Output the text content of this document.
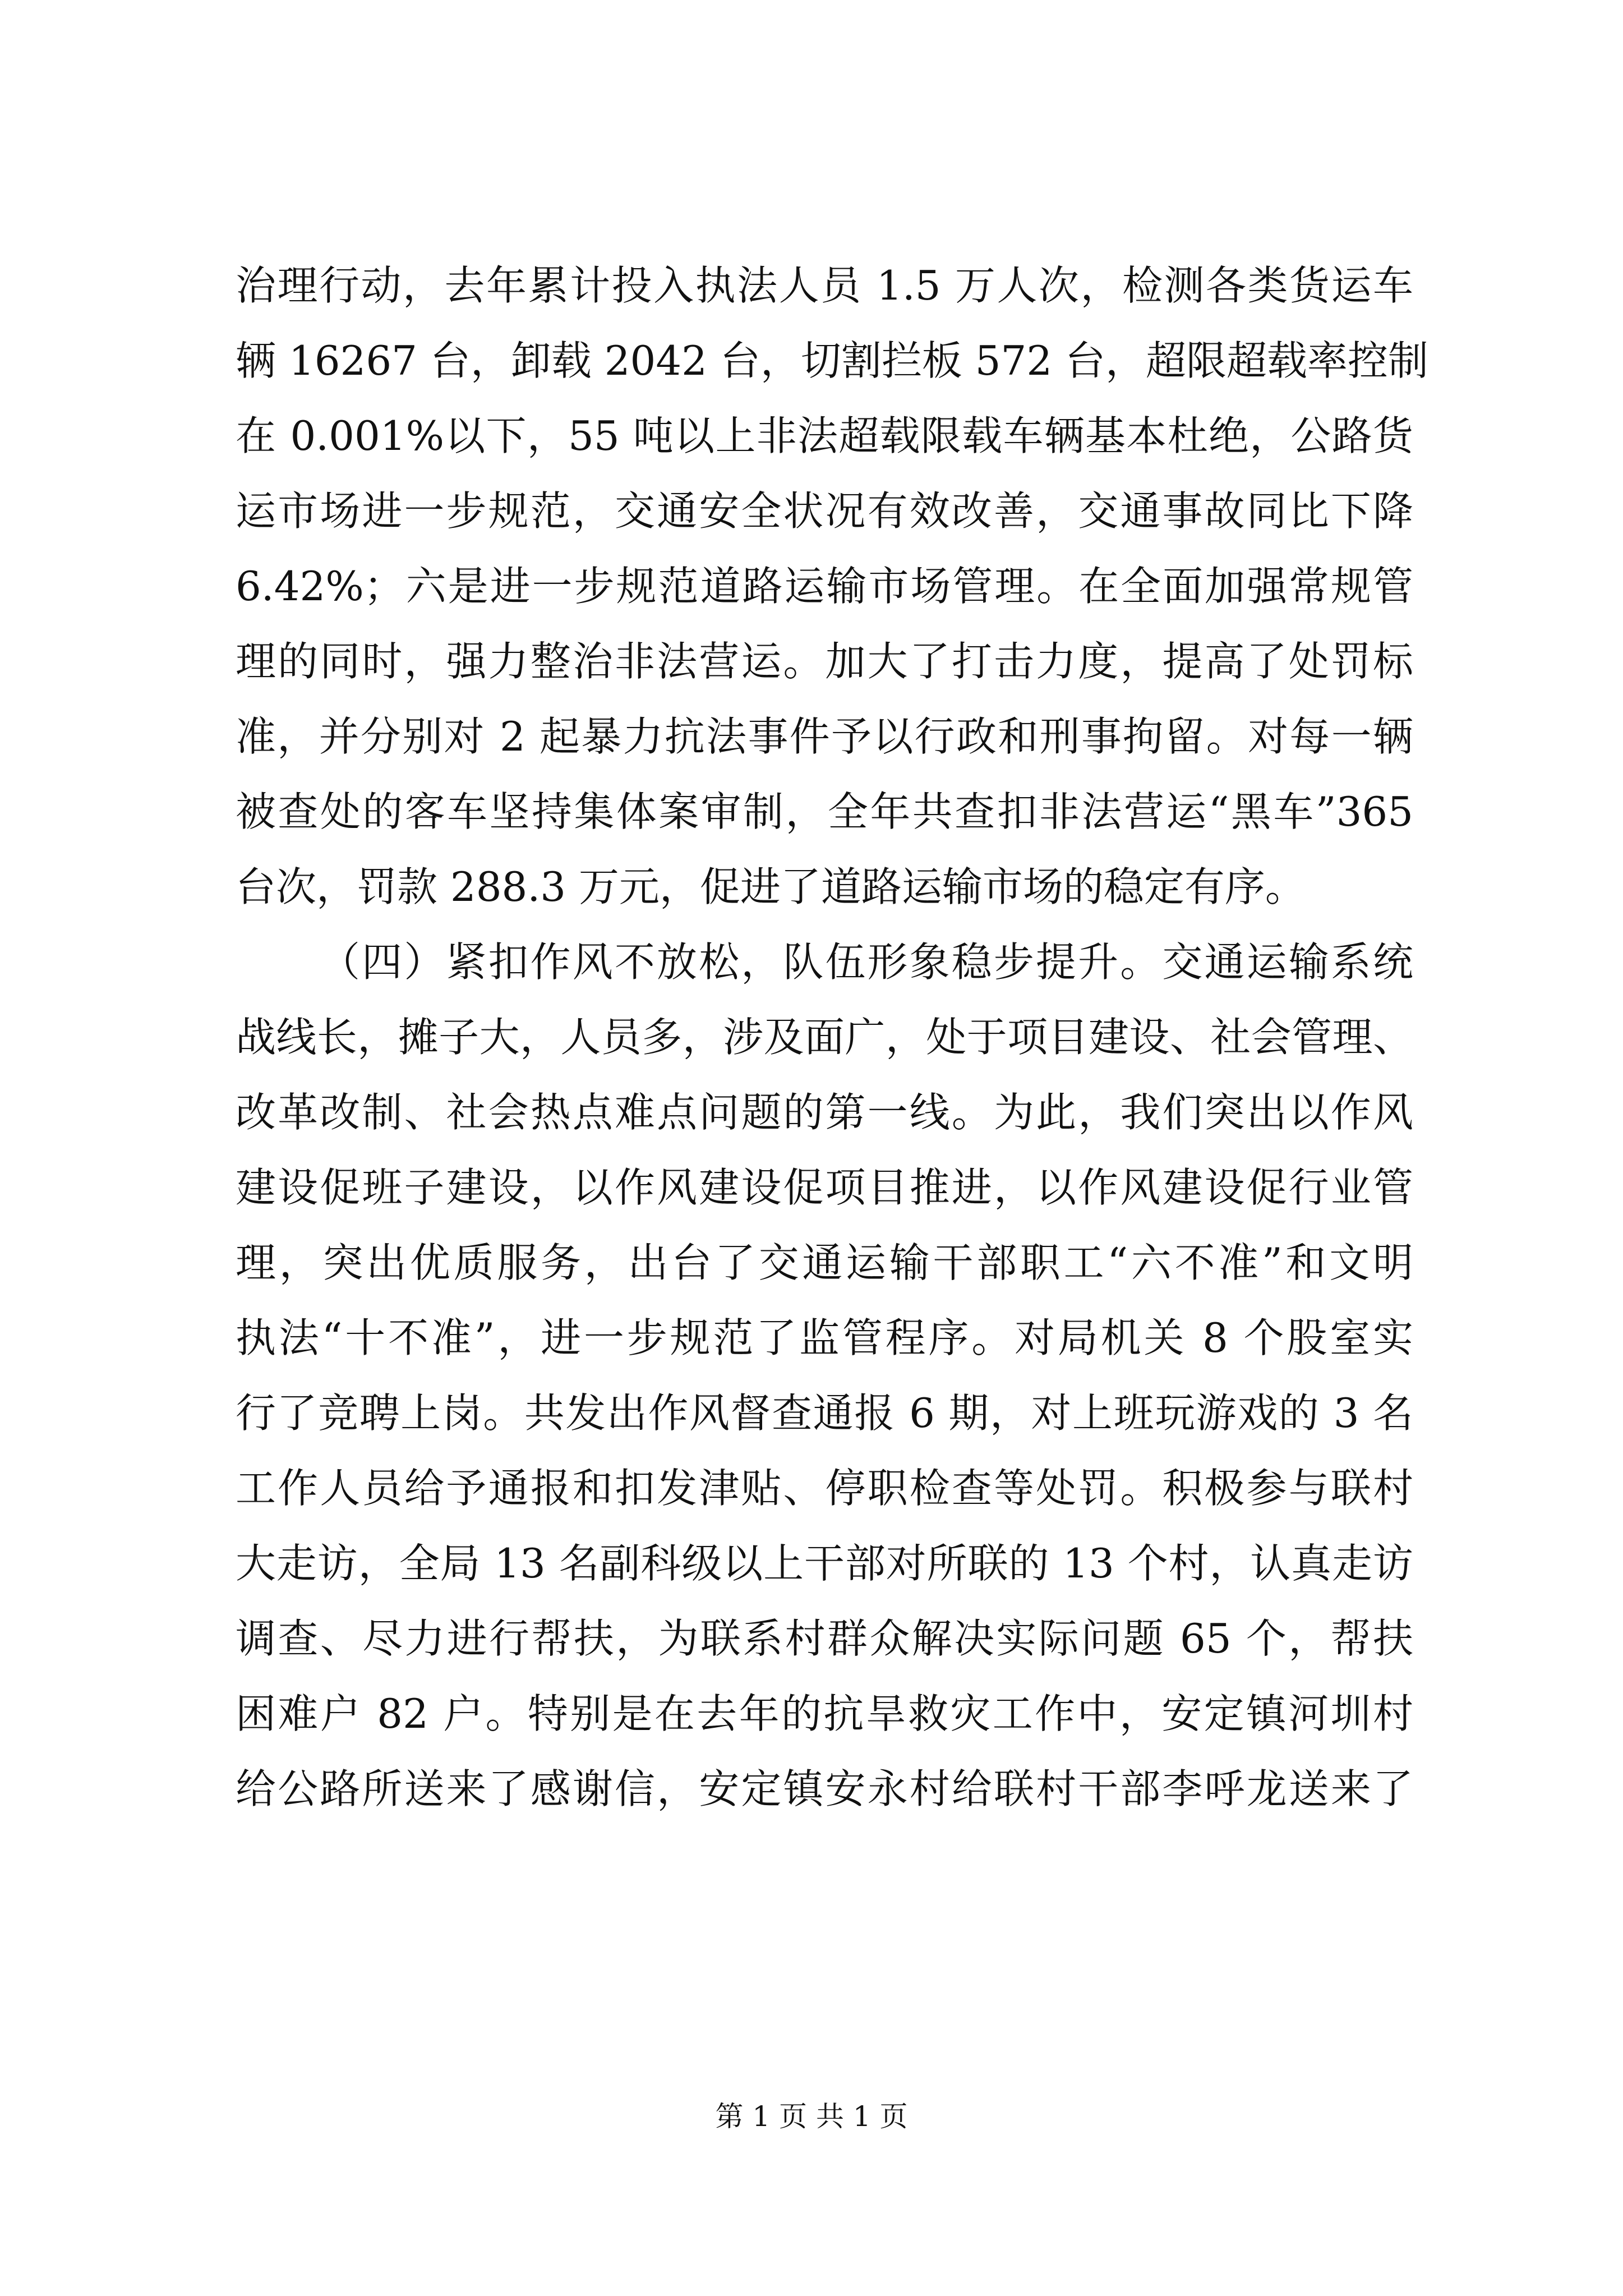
治理行动，去年累计投入执法人员 1.5 万人次，检测各类货运车
辆 16267 台，卸载 2042 台，切割拦板 572 台，超限超载率控制
在 0.001%以下，55 吨以上非法超载限载车辆基本杜绝，公路货
运市场进一步规范，交通安全状况有效改善，交通事故同比下降
6.42%；六是进一步规范道路运输市场管理。在全面加强常规管
理的同时，强力整治非法营运。加大了打击力度，提高了处罚标
准，并分别对 2 起暴力抗法事件予以行政和刑事拘留。对每一辆
被查处的客车坚持集体案审制，全年共查扣非法营运“黑车”365
台次，罚款 288.3 万元，促进了道路运输市场的稳定有序。
（四）紧扣作风不放松，队伍形象稳步提升。交通运输系统
战线长，摊子大，人员多，涉及面广，处于项目建设、社会管理、
改革改制、社会热点难点问题的第一线。为此，我们突出以作风
建设促班子建设，以作风建设促项目推进，以作风建设促行业管
理，突出优质服务，出台了交通运输干部职工“六不准”和文明
执法“十不准”，进一步规范了监管程序。对局机关 8 个股室实
行了竞聘上岗。共发出作风督查通报 6 期，对上班玩游戏的 3 名
工作人员给予通报和扣发津贴、停职检查等处罚。积极参与联村
大走访，全局 13 名副科级以上干部对所联的 13 个村，认真走访
调查、尽力进行帮扶，为联系村群众解决实际问题 65 个，帮扶
困难户 82 户。特别是在去年的抗旱救灾工作中，安定镇河圳村
给公路所送来了感谢信，安定镇安永村给联村干部李呼龙送来了
第 1 页 共 1 页
